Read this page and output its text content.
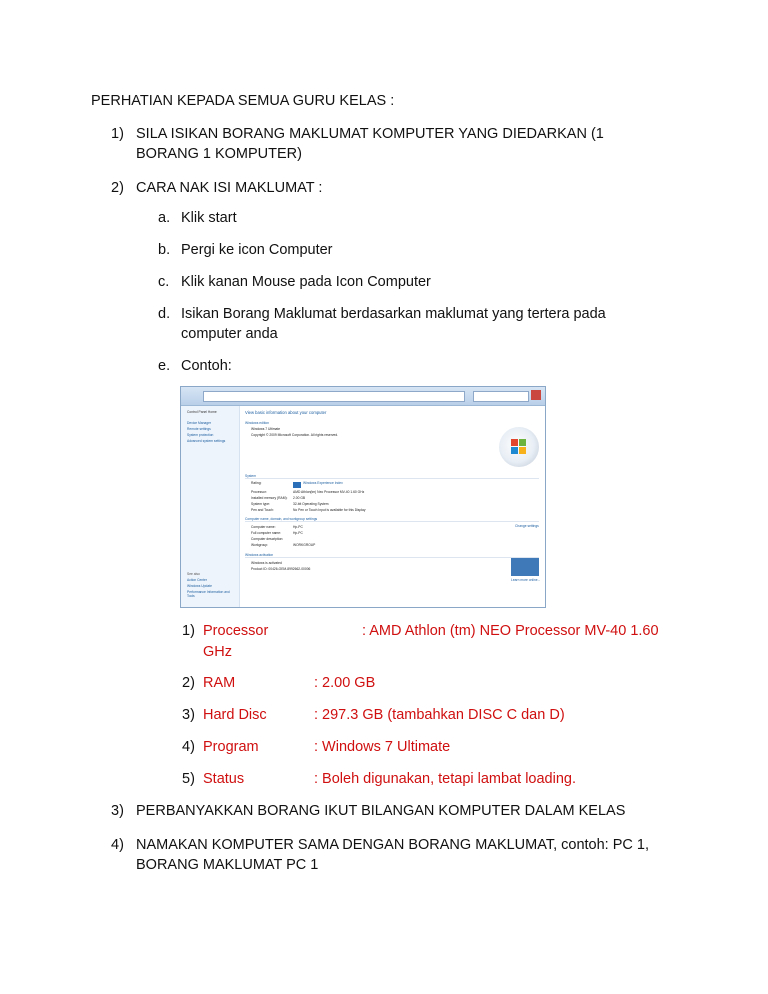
PERHATIAN KEPADA SEMUA GURU KELAS :
1) SILA ISIKAN BORANG MAKLUMAT KOMPUTER YANG DIEDARKAN (1 BORANG 1 KOMPUTER)
2) CARA NAK ISI MAKLUMAT :
a. Klik start
b. Pergi ke icon Computer
c. Klik kanan Mouse pada Icon Computer
d. Isikan Borang Maklumat berdasarkan maklumat yang tertera pada computer anda
e. Contoh:
Control Panel Home
Device Manager
Remote settings
System protection
Advanced system settings
See also
Action Center
Windows Update
Performance Information and Tools
View basic information about your computer
Windows edition
Windows 7 Ultimate
Copyright © 2009 Microsoft Corporation. All rights reserved.
System
Rating:	Windows Experience Index
Processor:	AMD Athlon(tm) Neo Processor MV-40 1.60 GHz
Installed memory (RAM): 2.00 GB
System type:	32-bit Operating System
Pen and Touch:	No Pen or Touch Input is available for this Display
Computer name, domain, and workgroup settings
Change settings
Computer name:	Hp-PC
Full computer name:	Hp-PC
Computer description:
Workgroup:	WORKGROUP
Windows activation
Windows is activated
Product ID: 00426-OEM-8992662-00006
Learn more online...
1) Processor	: AMD Athlon (tm) NEO Processor MV-40 1.60
GHz
2) RAM	: 2.00 GB
3) Hard Disc	: 297.3 GB (tambahkan DISC C dan D)
4) Program	: Windows 7 Ultimate
5) Status	: Boleh digunakan, tetapi lambat loading.
3) PERBANYAKKAN BORANG IKUT BILANGAN KOMPUTER DALAM KELAS
4) NAMAKAN KOMPUTER SAMA DENGAN BORANG MAKLUMAT, contoh: PC 1, BORANG MAKLUMAT PC 1
